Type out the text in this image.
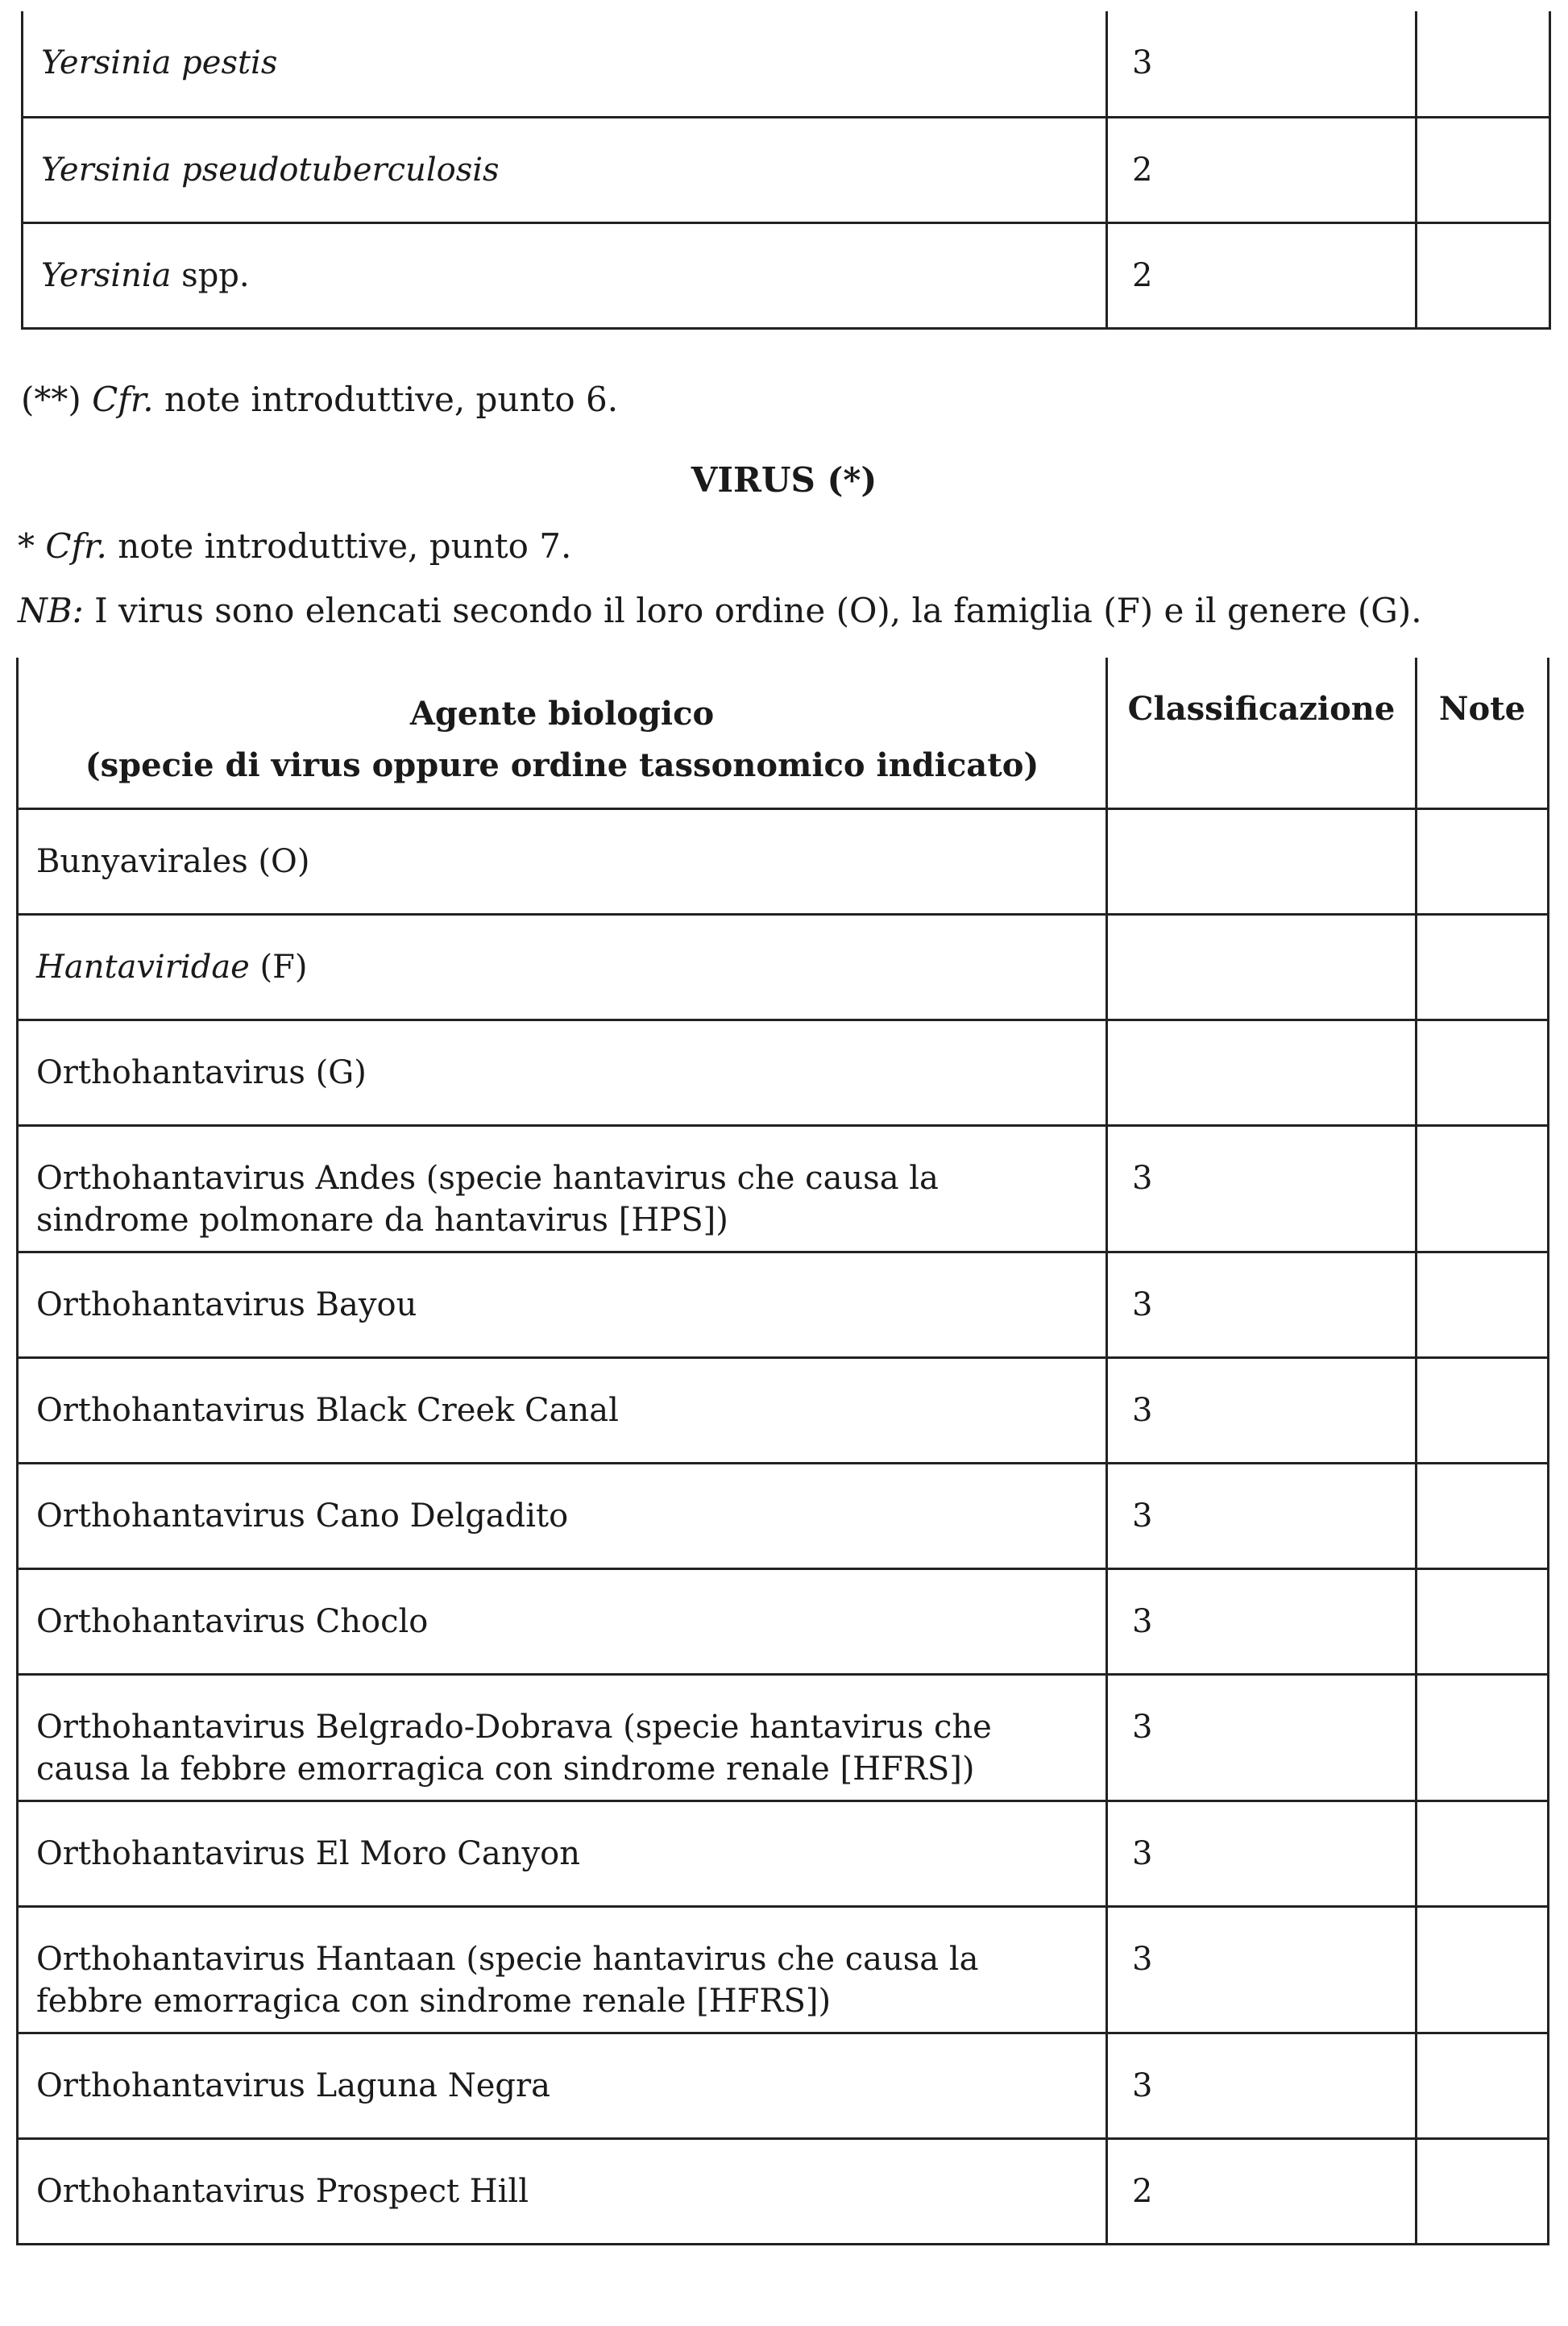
Yersinia pestis	3	
Yersinia pseudotuberculosis	2	
Yersinia spp.	2	
(**) Cfr. note introduttive, punto 6.
VIRUS (*)
* Cfr. note introduttive, punto 7.
NB: I virus sono elencati secondo il loro ordine (O), la famiglia (F) e il genere (G).
Agente biologico
(specie di virus oppure ordine tassonomico indicato)	Classificazione	Note
Bunyavirales (O)		
Hantaviridae (F)		
Orthohantavirus (G)		
Orthohantavirus Andes (specie hantavirus che causa la sindrome polmonare da hantavirus [HPS])	3	
Orthohantavirus Bayou	3	
Orthohantavirus Black Creek Canal	3	
Orthohantavirus Cano Delgadito	3	
Orthohantavirus Choclo	3	
Orthohantavirus Belgrado-Dobrava (specie hantavirus che causa la febbre emorragica con sindrome renale [HFRS])	3	
Orthohantavirus El Moro Canyon	3	
Orthohantavirus Hantaan (specie hantavirus che causa la febbre emorragica con sindrome renale [HFRS])	3	
Orthohantavirus Laguna Negra	3	
Orthohantavirus Prospect Hill	2	
